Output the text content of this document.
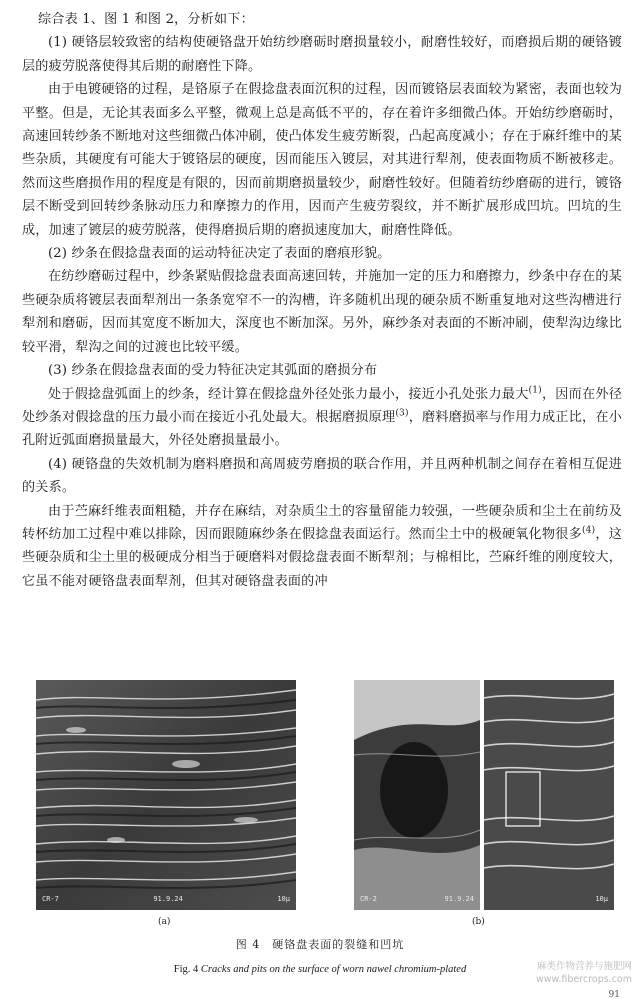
综合表 1、图 1 和图 2，分析如下：

(1) 硬铬层较致密的结构使硬铬盘开始纺纱磨砺时磨损量较小，耐磨性较好，而磨损后期的硬铬镀层的疲劳脱落使得其后期的耐磨性下降。

由于电镀硬铬的过程，是铬原子在假捻盘表面沉积的过程，因而镀铬层表面较为紧密，表面也较为平整。但是，无论其表面多么平整，微观上总是高低不平的，存在着许多细微凸体。开始纺纱磨砺时，高速回转纱条不断地对这些细微凸体冲刷，使凸体发生疲劳断裂，凸起高度减小；存在于麻纤维中的某些杂质，其硬度有可能大于镀铬层的硬度，因而能压入镀层，对其进行犁剂，使表面物质不断被移走。然而这些磨损作用的程度是有限的，因而前期磨损量较少，耐磨性较好。但随着纺纱磨砺的进行，镀铬层不断受到回转纱条脉动压力和摩擦力的作用，因而产生疲劳裂纹，并不断扩展形成凹坑。凹坑的生成，加速了镀层的疲劳脱落，使得磨损后期的磨损速度加大，耐磨性降低。

(2) 纱条在假捻盘表面的运动特征决定了表面的磨痕形貌。

在纺纱磨砺过程中，纱条紧贴假捻盘表面高速回转，并施加一定的压力和磨擦力，纱条中存在的某些硬杂质将镀层表面犁剂出一条条宽窄不一的沟槽，许多随机出现的硬杂质不断重复地对这些沟槽进行犁剂和磨砺，因而其宽度不断加大，深度也不断加深。另外，麻纱条对表面的不断冲刷，使犁沟边缘比较平滑，犁沟之间的过渡也比较平缓。

(3) 纱条在假捻盘表面的受力特征决定其弧面的磨损分布

处于假捻盘弧面上的纱条，经计算在假捻盘外径处张力最小，接近小孔处张力最大$^{(1)}$，因而在外径处纱条对假捻盘的压力最小而在接近小孔处最大。根据磨损原理$^{(3)}$，磨料磨损率与作用力成正比，在小孔附近弧面磨损量最大，外径处磨损量最小。

(4) 硬铬盘的失效机制为磨料磨损和高周疲劳磨损的联合作用，并且两种机制之间存在着相互促进的关系。

由于苎麻纤维表面粗糙，并存在麻结，对杂质尘土的容量留能力较强，一些硬杂质和尘土在前纺及转杯纺加工过程中难以排除，因而跟随麻纱条在假捻盘表面运行。然而尘土中的极硬氧化物很多$^{(4)}$，这些硬杂质和尘土里的极硬成分相当于硬磨料对假捻盘表面不断犁剂；与棉相比，苎麻纤维的刚度较大，它虽不能对硬铬盘表面犁剂，但其对硬铬盘表面的冲

CR-7	91.9.24	10μ	CR-2	91.9.24	10μ
(a)	(b)
图 4　硬铬盘表面的裂缝和凹坑
Fig. 4 Cracks and pits on the surface of worn nawel chromium-plated	麻类作物营养与施肥网
www.fibercrops.com
91
